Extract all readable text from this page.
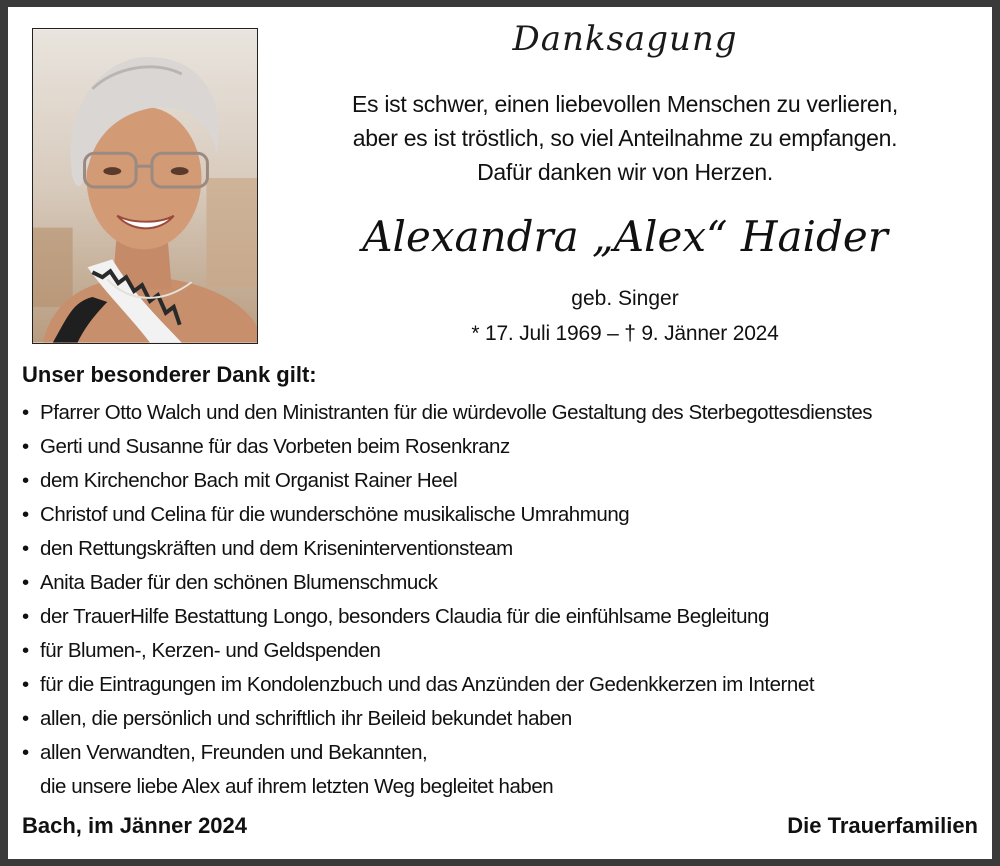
Danksagung
Es ist schwer, einen liebevollen Menschen zu verlieren,
aber es ist tröstlich, so viel Anteilnahme zu empfangen.
Dafür danken wir von Herzen.
Alexandra „Alex“ Haider
geb. Singer
* 17. Juli 1969 – † 9. Jänner 2024
Unser besonderer Dank gilt:
• Pfarrer Otto Walch und den Ministranten für die würdevolle Gestaltung des Sterbegottesdienstes
• Gerti und Susanne für das Vorbeten beim Rosenkranz
• dem Kirchenchor Bach mit Organist Rainer Heel
• Christof und Celina für die wunderschöne musikalische Umrahmung
• den Rettungskräften und dem Kriseninterventionsteam
• Anita Bader für den schönen Blumenschmuck
• der TrauerHilfe Bestattung Longo, besonders Claudia für die einfühlsame Begleitung
• für Blumen-, Kerzen- und Geldspenden
• für die Eintragungen im Kondolenzbuch und das Anzünden der Gedenkkerzen im Internet
• allen, die persönlich und schriftlich ihr Beileid bekundet haben
• allen Verwandten, Freunden und Bekannten,
die unsere liebe Alex auf ihrem letzten Weg begleitet haben
Bach, im Jänner 2024	Die Trauerfamilien
